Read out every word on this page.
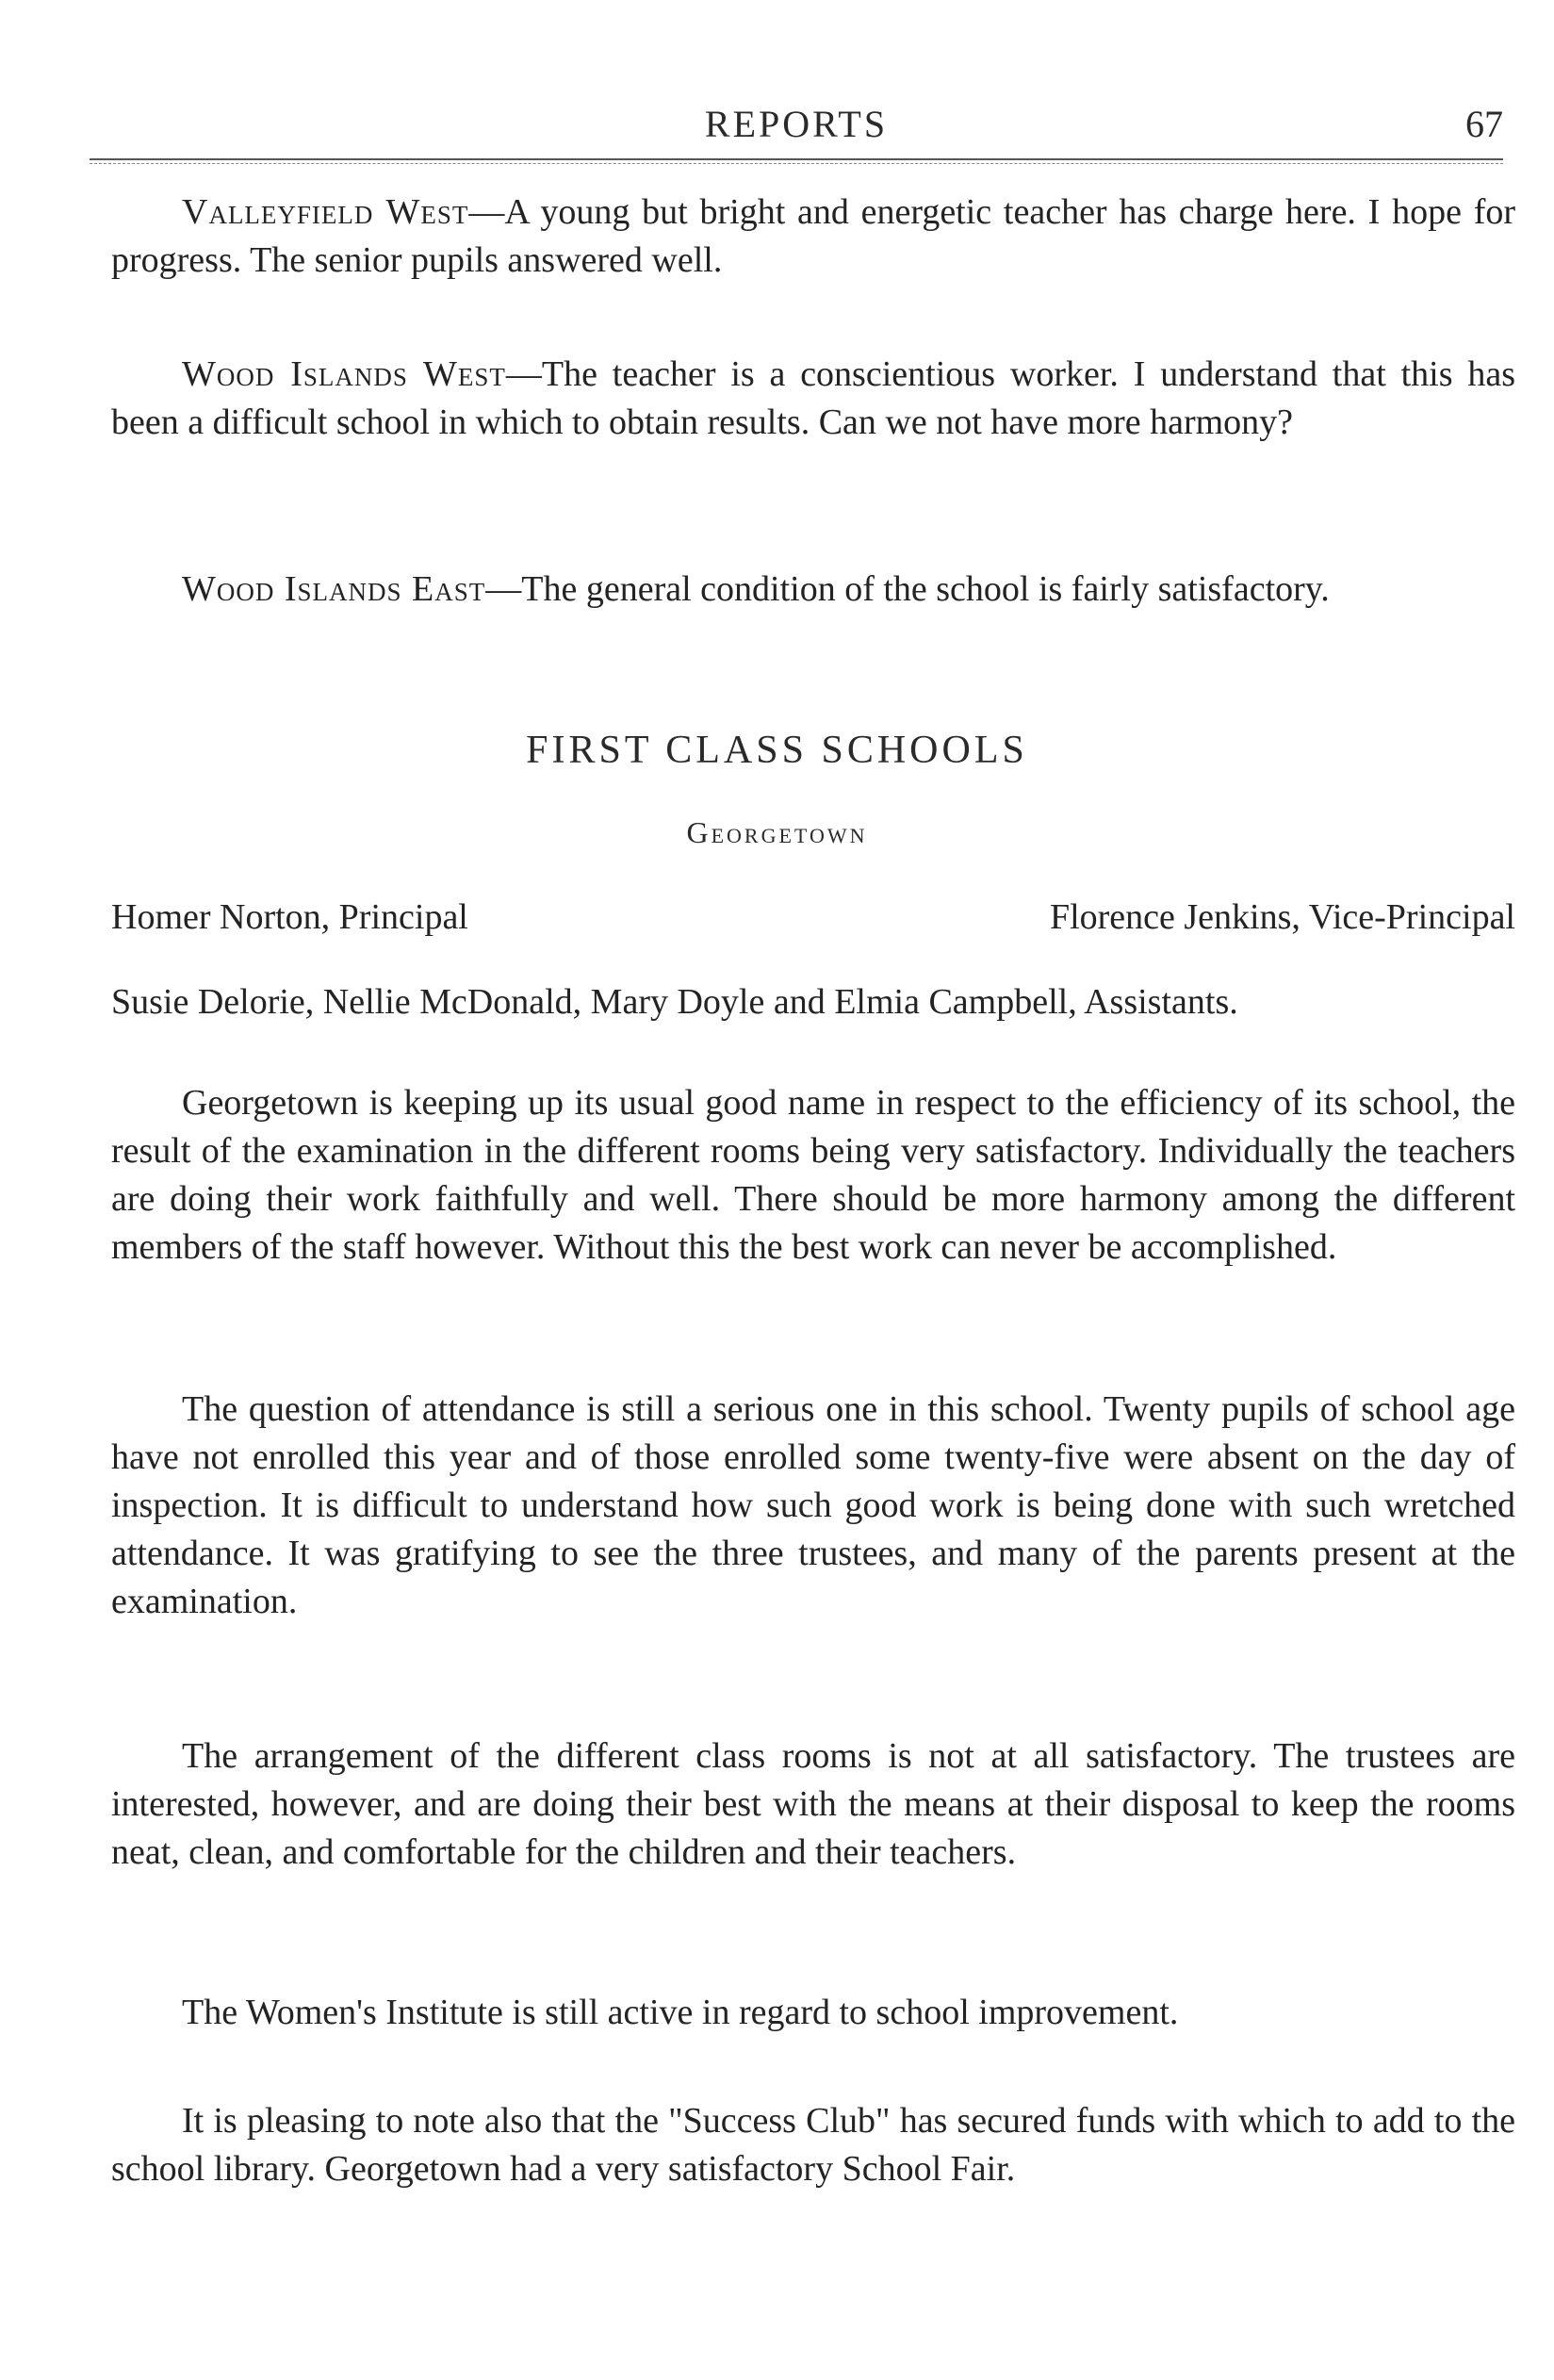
REPORTS	67

Valleyfield West—A young but bright and energetic teacher has charge here. I hope for progress. The senior pupils answered well.

Wood Islands West—The teacher is a conscientious worker. I understand that this has been a difficult school in which to obtain results. Can we not have more harmony?

Wood Islands East—The general condition of the school is fairly satisfactory.

FIRST CLASS SCHOOLS
Georgetown
Homer Norton, Principal	Florence Jenkins, Vice-Principal
Susie Delorie, Nellie McDonald, Mary Doyle and Elmia Campbell, Assistants.

Georgetown is keeping up its usual good name in respect to the efficiency of its school, the result of the examination in the different rooms being very satisfactory. Individually the teachers are doing their work faithfully and well. There should be more harmony among the different members of the staff however. Without this the best work can never be accomplished.

The question of attendance is still a serious one in this school. Twenty pupils of school age have not enrolled this year and of those enrolled some twenty-five were absent on the day of inspection. It is difficult to understand how such good work is being done with such wretched attendance. It was gratifying to see the three trustees, and many of the parents present at the examination.

The arrangement of the different class rooms is not at all satisfactory. The trustees are interested, however, and are doing their best with the means at their disposal to keep the rooms neat, clean, and comfortable for the children and their teachers.

The Women's Institute is still active in regard to school improvement.

It is pleasing to note also that the "Success Club" has secured funds with which to add to the school library. Georgetown had a very satisfactory School Fair.
